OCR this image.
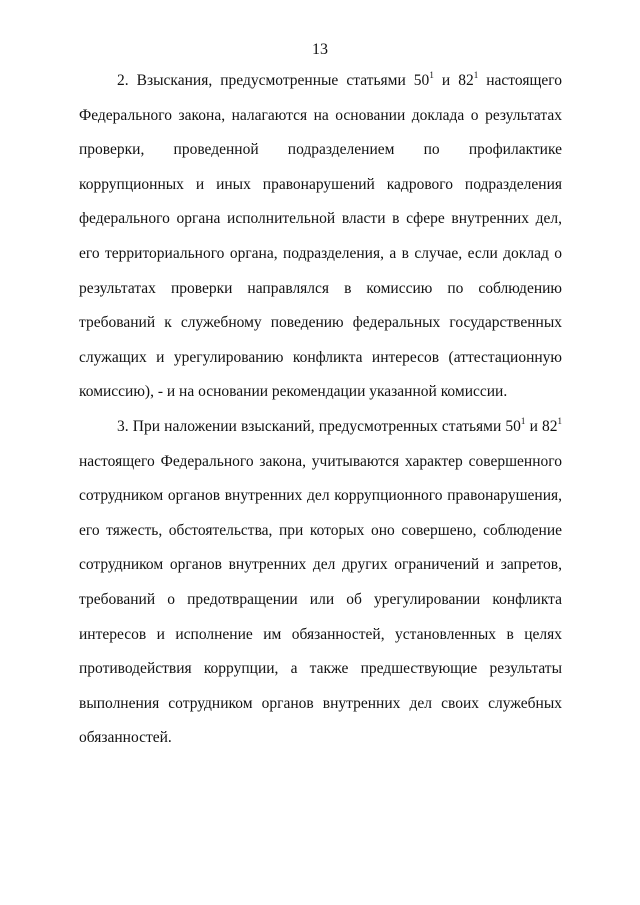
13

2. Взыскания, предусмотренные статьями $50^1$ и $82^1$ настоящего Федерального закона, налагаются на основании доклада о результатах проверки, проведенной подразделением по профилактике коррупционных и иных правонарушений кадрового подразделения федерального органа исполнительной власти в сфере внутренних дел, его территориального органа, подразделения, а в случае, если доклад о результатах проверки направлялся в комиссию по соблюдению требований к служебному поведению федеральных государственных служащих и урегулированию конфликта интересов (аттестационную комиссию), - и на основании рекомендации указанной комиссии.

3. При наложении взысканий, предусмотренных статьями $50^1$ и $82^1$ настоящего Федерального закона, учитываются характер совершенного сотрудником органов внутренних дел коррупционного правонарушения, его тяжесть, обстоятельства, при которых оно совершено, соблюдение сотрудником органов внутренних дел других ограничений и запретов, требований о предотвращении или об урегулировании конфликта интересов и исполнение им обязанностей, установленных в целях противодействия коррупции, а также предшествующие результаты выполнения сотрудником органов внутренних дел своих служебных обязанностей.
